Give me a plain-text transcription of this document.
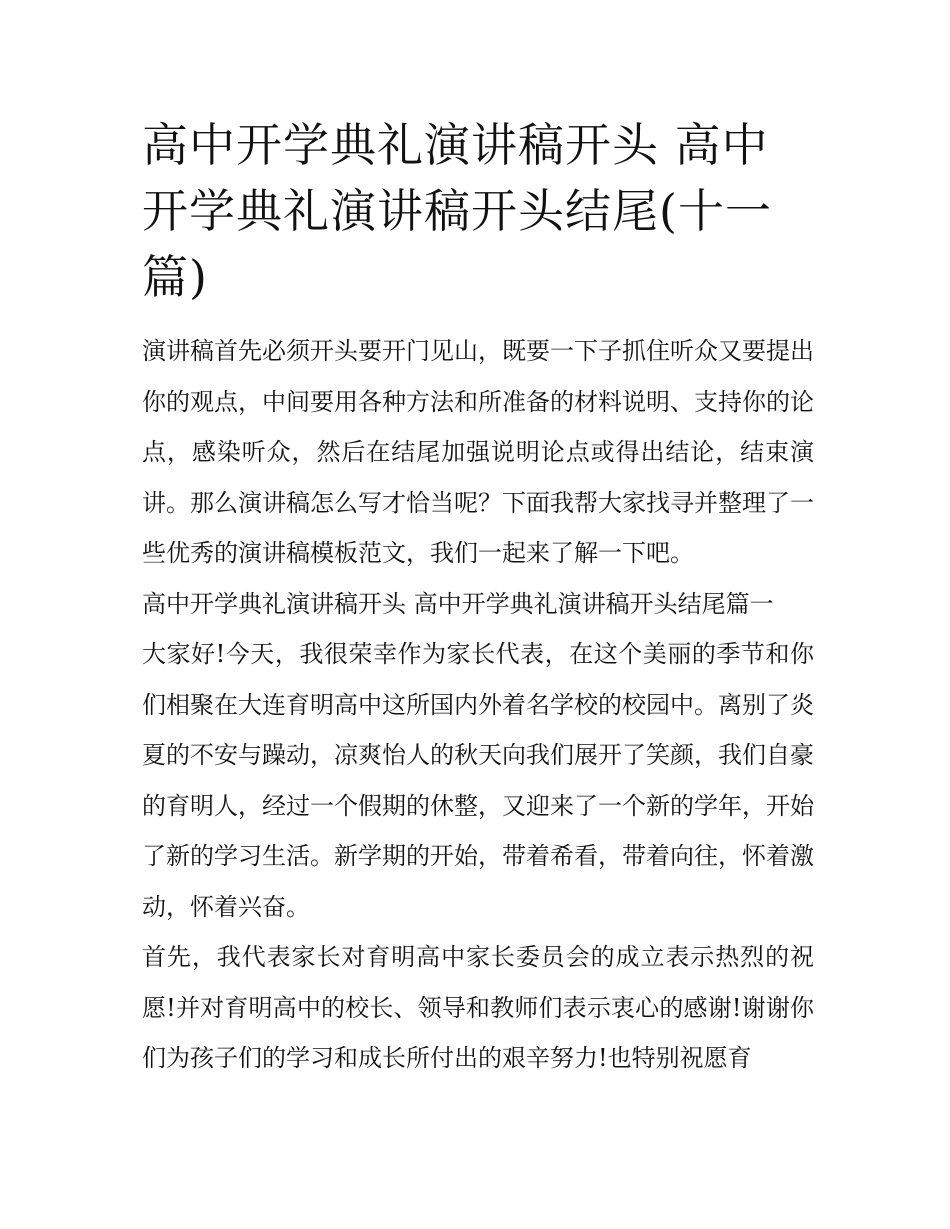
高中开学典礼演讲稿开头 高中开学典礼演讲稿开头结尾(十一篇)

演讲稿首先必须开头要开门见山，既要一下子抓住听众又要提出你的观点，中间要用各种方法和所准备的材料说明、支持你的论点，感染听众，然后在结尾加强说明论点或得出结论，结束演讲。那么演讲稿怎么写才恰当呢？下面我帮大家找寻并整理了一些优秀的演讲稿模板范文，我们一起来了解一下吧。

高中开学典礼演讲稿开头 高中开学典礼演讲稿开头结尾篇一

大家好!今天，我很荣幸作为家长代表，在这个美丽的季节和你们相聚在大连育明高中这所国内外着名学校的校园中。离别了炎夏的不安与躁动，凉爽怡人的秋天向我们展开了笑颜，我们自豪的育明人，经过一个假期的休整，又迎来了一个新的学年，开始了新的学习生活。新学期的开始，带着希看，带着向往，怀着激动，怀着兴奋。

首先，我代表家长对育明高中家长委员会的成立表示热烈的祝愿!并对育明高中的校长、领导和教师们表示衷心的感谢!谢谢你们为孩子们的学习和成长所付出的艰辛努力!也特别祝愿育
